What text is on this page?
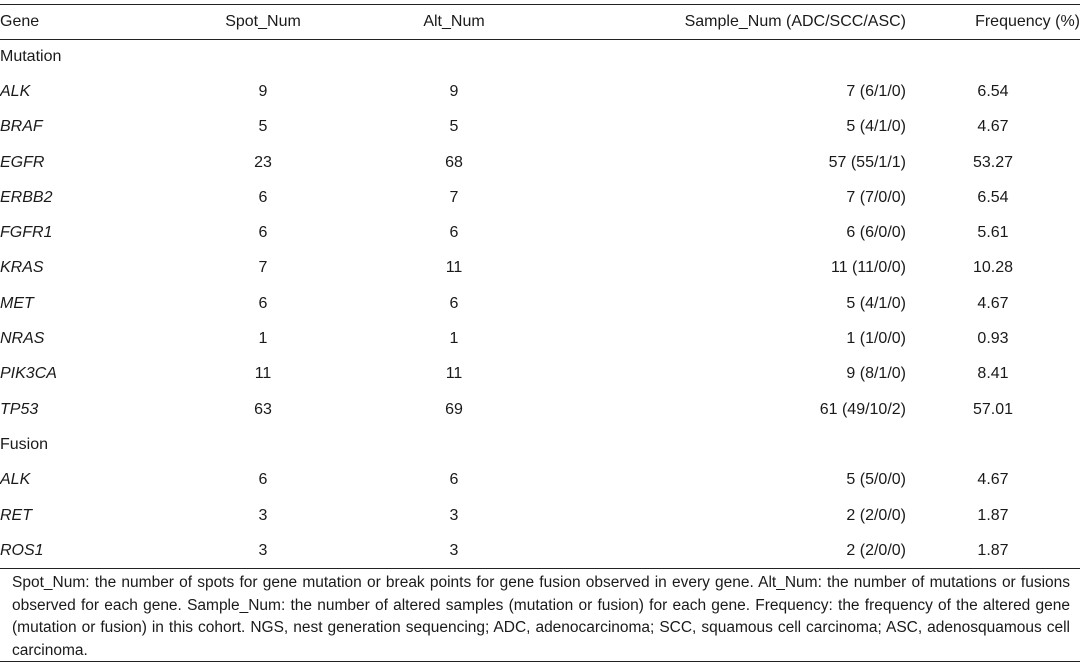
Gene	Spot_Num	Alt_Num	Sample_Num (ADC/SCC/ASC)	Frequency (%)
Mutation				
ALK	9	9	7 (6/1/0)	6.54
BRAF	5	5	5 (4/1/0)	4.67
EGFR	23	68	57 (55/1/1)	53.27
ERBB2	6	7	7 (7/0/0)	6.54
FGFR1	6	6	6 (6/0/0)	5.61
KRAS	7	11	11 (11/0/0)	10.28
MET	6	6	5 (4/1/0)	4.67
NRAS	1	1	1 (1/0/0)	0.93
PIK3CA	11	11	9 (8/1/0)	8.41
TP53	63	69	61 (49/10/2)	57.01
Fusion				
ALK	6	6	5 (5/0/0)	4.67
RET	3	3	2 (2/0/0)	1.87
ROS1	3	3	2 (2/0/0)	1.87
Spot_Num: the number of spots for gene mutation or break points for gene fusion observed in every gene. Alt_Num: the number of mutations or fusions observed for each gene. Sample_Num: the number of altered samples (mutation or fusion) for each gene. Frequency: the frequency of the altered gene (mutation or fusion) in this cohort. NGS, nest generation sequencing; ADC, adenocarcinoma; SCC, squamous cell carcinoma; ASC, adenosquamous cell carcinoma.
